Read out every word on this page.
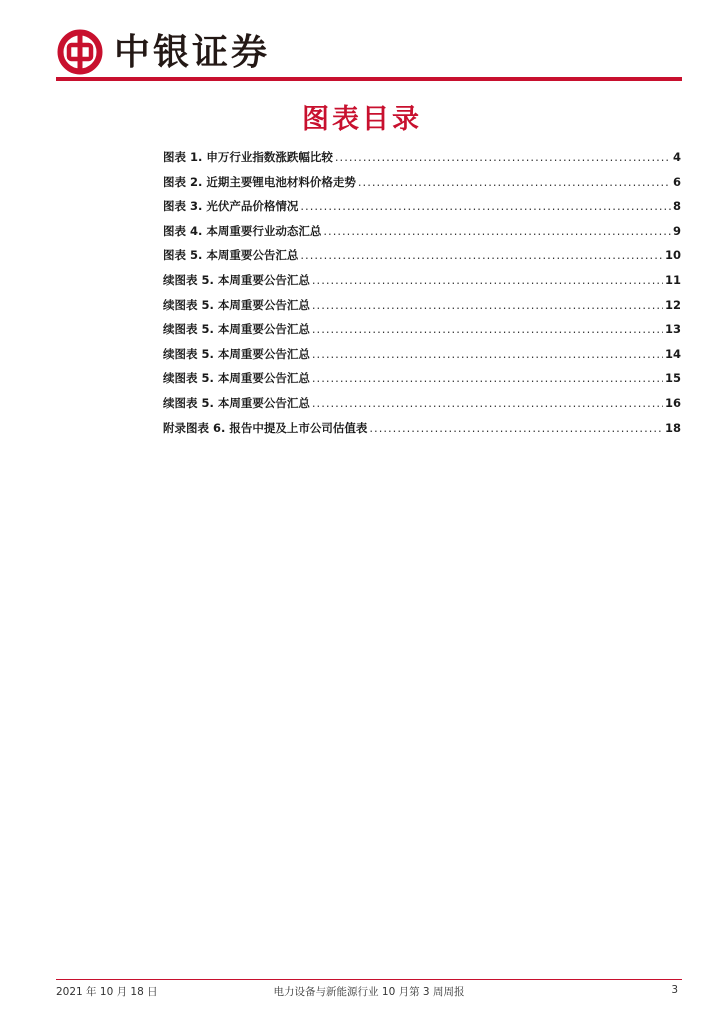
中银证券
图表目录
图表 1. 申万行业指数涨跌幅比较 .....	4
图表 2. 近期主要锂电池材料价格走势 .....	6
图表 3. 光伏产品价格情况 .....	8
图表 4. 本周重要行业动态汇总 .....	9
图表 5. 本周重要公告汇总 .....	10
续图表 5. 本周重要公告汇总 .....	11
续图表 5. 本周重要公告汇总 .....	12
续图表 5. 本周重要公告汇总 .....	13
续图表 5. 本周重要公告汇总 .....	14
续图表 5. 本周重要公告汇总 .....	15
续图表 5. 本周重要公告汇总 .....	16
附录图表 6. 报告中提及上市公司估值表 .....	18
2021 年 10 月 18 日	电力设备与新能源行业 10 月第 3 周周报	3
